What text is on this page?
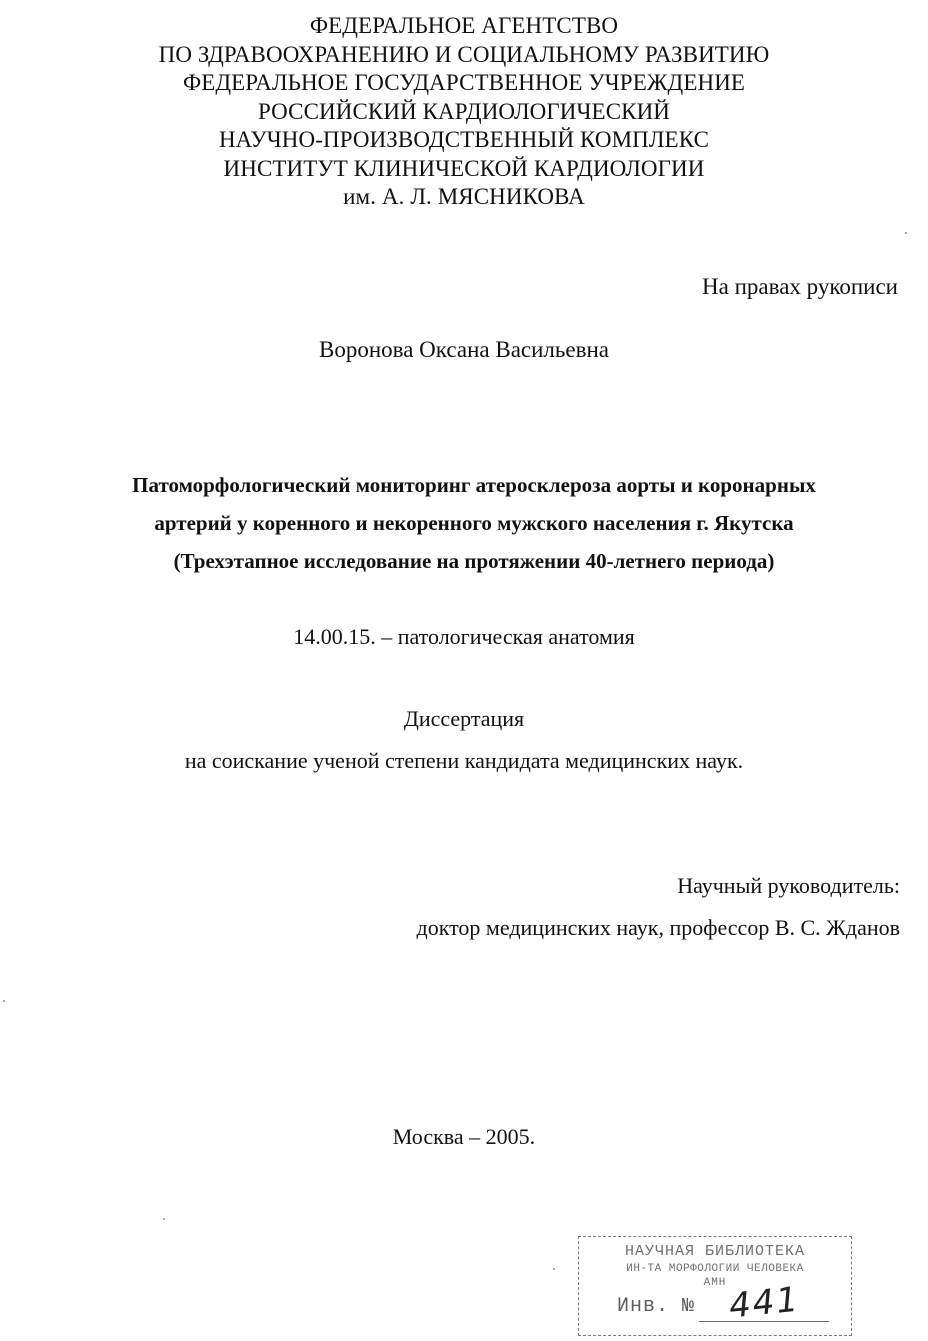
ФЕДЕРАЛЬНОЕ АГЕНТСТВО
ПО ЗДРАВООХРАНЕНИЮ И СОЦИАЛЬНОМУ РАЗВИТИЮ
ФЕДЕРАЛЬНОЕ ГОСУДАРСТВЕННОЕ УЧРЕЖДЕНИЕ
РОССИЙСКИЙ КАРДИОЛОГИЧЕСКИЙ
НАУЧНО-ПРОИЗВОДСТВЕННЫЙ КОМПЛЕКС
ИНСТИТУТ КЛИНИЧЕСКОЙ КАРДИОЛОГИИ
им. А. Л. МЯСНИКОВА
На правах рукописи
Воронова Оксана Васильевна
Патоморфологический мониторинг атеросклероза аорты и коронарных
артерий у коренного и некоренного мужского населения г. Якутска
(Трехэтапное исследование на протяжении 40-летнего периода)
14.00.15. – патологическая анатомия
Диссертация
на соискание ученой степени кандидата медицинских наук.
Научный руководитель:
доктор медицинских наук, профессор В. С. Жданов
Москва – 2005.
НАУЧНАЯ БИБЛИОТЕКА
ИН-ТА МОРФОЛОГИИ ЧЕЛОВЕКА
АМН
Инв. № 441
